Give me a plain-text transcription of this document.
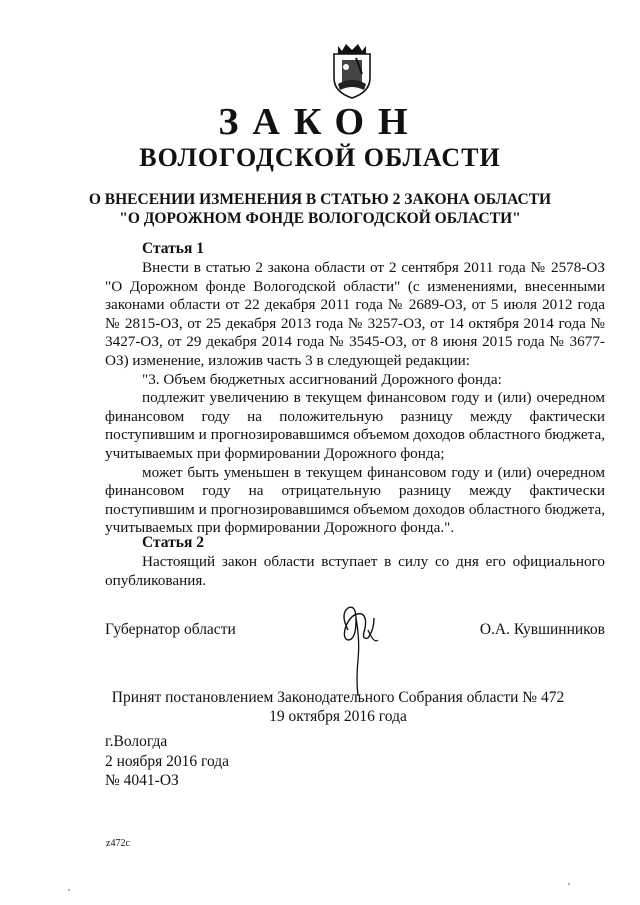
ЗАКОН
ВОЛОГОДСКОЙ ОБЛАСТИ
О ВНЕСЕНИИ ИЗМЕНЕНИЯ В СТАТЬЮ 2 ЗАКОНА ОБЛАСТИ
"О ДОРОЖНОМ ФОНДЕ ВОЛОГОДСКОЙ ОБЛАСТИ"
Статья 1

Внести в статью 2 закона области от 2 сентября 2011 года № 2578-ОЗ "О Дорожном фонде Вологодской области" (с изменениями, внесенными законами области от 22 декабря 2011 года № 2689-ОЗ, от 5 июля 2012 года № 2815-ОЗ, от 25 декабря 2013 года № 3257-ОЗ, от 14 октября 2014 года № 3427-ОЗ, от 29 декабря 2014 года № 3545-ОЗ, от 8 июня 2015 года № 3677-ОЗ) изменение, изложив часть 3 в следующей редакции:

"3. Объем бюджетных ассигнований Дорожного фонда:

подлежит увеличению в текущем финансовом году и (или) очередном финансовом году на положительную разницу между фактически поступившим и прогнозировавшимся объемом доходов областного бюджета, учитываемых при формировании Дорожного фонда;

может быть уменьшен в текущем финансовом году и (или) очередном финансовом году на отрицательную разницу между фактически поступившим и прогнозировавшимся объемом доходов областного бюджета, учитываемых при формировании Дорожного фонда.".

Статья 2

Настоящий закон области вступает в силу со дня его официального опубликования.

Губернатор области	О.А. Кувшинников
Принят постановлением Законодательного Собрания области № 472
19 октября 2016 года
г.Вологда
2 ноября 2016 года
№ 4041-ОЗ
z472c
